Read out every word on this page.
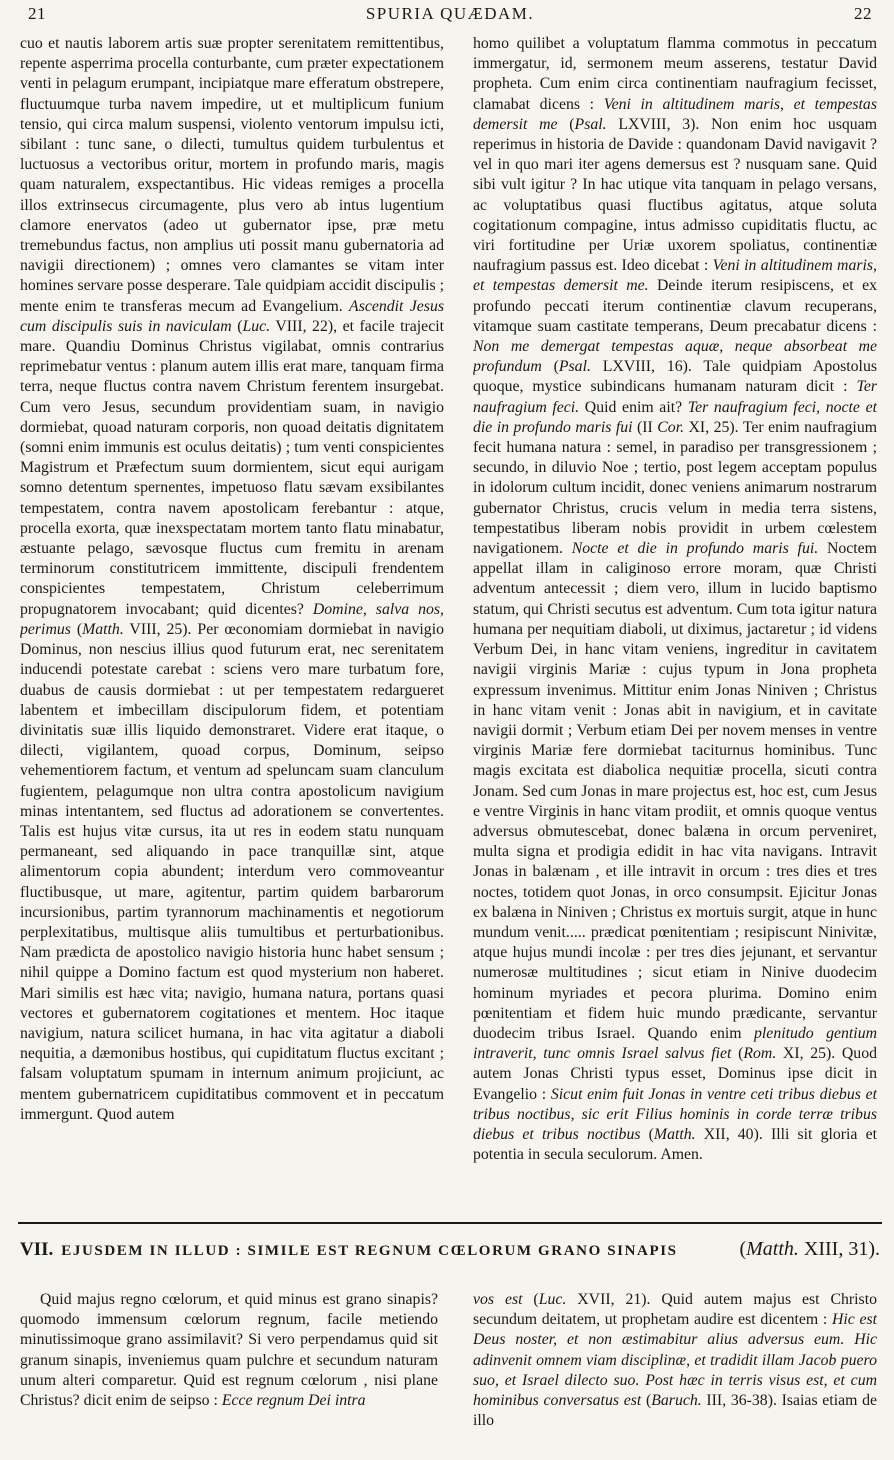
21	SPURIA QUÆDAM.	22

cuo et nautis laborem artis suæ propter serenitatem remittentibus, repente asperrima procella conturbante, cum præter expectationem venti in pelagum erumpant, incipiatque mare efferatum obstrepere, fluctuumque turba navem impedire, ut et multiplicum funium tensio, qui circa malum suspensi, violento ventorum impulsu icti, sibilant : tunc sane, o dilecti, tumultus quidem turbulentus et luctuosus a vectoribus oritur, mortem in profundo maris, magis quam naturalem, exspectantibus. Hic videas remiges a procella illos extrinsecus circumagente, plus vero ab intus lugentium clamore enervatos (adeo ut gubernator ipse, præ metu tremebundus factus, non amplius uti possit manu gubernatoria ad navigii directionem) ; omnes vero clamantes se vitam inter homines servare posse desperare. Tale quidpiam accidit discipulis ; mente enim te transferas mecum ad Evangelium. Ascendit Jesus cum discipulis suis in naviculam (Luc. VIII, 22), et facile trajecit mare. Quandiu Dominus Christus vigilabat, omnis contrarius reprimebatur ventus : planum autem illis erat mare, tanquam firma terra, neque fluctus contra navem Christum ferentem insurgebat. Cum vero Jesus, secundum providentiam suam, in navigio dormiebat, quoad naturam corporis, non quoad deitatis dignitatem (somni enim immunis est oculus deitatis) ; tum venti conspicientes Magistrum et Præfectum suum dormientem, sicut equi aurigam somno detentum spernentes, impetuoso flatu sævam exsibilantes tempestatem, contra navem apostolicam ferebantur : atque, procella exorta, quæ inexspectatam mortem tanto flatu minabatur, æstuante pelago, sævosque fluctus cum fremitu in arenam terminorum constitutricem immittente, discipuli frendentem conspicientes tempestatem, Christum celeberrimum propugnatorem invocabant; quid dicentes? Domine, salva nos, perimus (Matth. VIII, 25). Per œconomiam dormiebat in navigio Dominus, non nescius illius quod futurum erat, nec serenitatem inducendi potestate carebat : sciens vero mare turbatum fore, duabus de causis dormiebat : ut per tempestatem redargueret labentem et imbecillam discipulorum fidem, et potentiam divinitatis suæ illis liquido demonstraret. Videre erat itaque, o dilecti, vigilantem, quoad corpus, Dominum, seipso vehementiorem factum, et ventum ad speluncam suam clanculum fugientem, pelagumque non ultra contra apostolicum navigium minas intentantem, sed fluctus ad adorationem se convertentes. Talis est hujus vitæ cursus, ita ut res in eodem statu nunquam permaneant, sed aliquando in pace tranquillæ sint, atque alimentorum copia abundent; interdum vero commoveantur fluctibusque, ut mare, agitentur, partim quidem barbarorum incursionibus, partim tyrannorum machinamentis et negotiorum perplexitatibus, multisque aliis tumultibus et perturbationibus. Nam prædicta de apostolico navigio historia hunc habet sensum ; nihil quippe a Domino factum est quod mysterium non haberet. Mari similis est hæc vita; navigio, humana natura, portans quasi vectores et gubernatorem cogitationes et mentem. Hoc itaque navigium, natura scilicet humana, in hac vita agitatur a diaboli nequitia, a dæmonibus hostibus, qui cupiditatum fluctus excitant ; falsam voluptatum spumam in internum animum projiciunt, ac mentem gubernatricem cupiditatibus commovent et in peccatum immergunt. Quod autem

homo quilibet a voluptatum flamma commotus in peccatum immergatur, id, sermonem meum asserens, testatur David propheta. Cum enim circa continentiam naufragium fecisset, clamabat dicens : Veni in altitudinem maris, et tempestas demersit me (Psal. LXVIII, 3). Non enim hoc usquam reperimus in historia de Davide : quandonam David navigavit ? vel in quo mari iter agens demersus est ? nusquam sane. Quid sibi vult igitur ? In hac utique vita tanquam in pelago versans, ac voluptatibus quasi fluctibus agitatus, atque soluta cogitationum compagine, intus admisso cupiditatis fluctu, ac viri fortitudine per Uriæ uxorem spoliatus, continentiæ naufragium passus est. Ideo dicebat : Veni in altitudinem maris, et tempestas demersit me. Deinde iterum resipiscens, et ex profundo peccati iterum continentiæ clavum recuperans, vitamque suam castitate temperans, Deum precabatur dicens : Non me demergat tempestas aquæ, neque absorbeat me profundum (Psal. LXVIII, 16). Tale quidpiam Apostolus quoque, mystice subindicans humanam naturam dicit : Ter naufragium feci. Quid enim ait? Ter naufragium feci, nocte et die in profundo maris fui (II Cor. XI, 25). Ter enim naufragium fecit humana natura : semel, in paradiso per transgressionem ; secundo, in diluvio Noe ; tertio, post legem acceptam populus in idolorum cultum incidit, donec veniens animarum nostrarum gubernator Christus, crucis velum in media terra sistens, tempestatibus liberam nobis providit in urbem cœlestem navigationem. Nocte et die in profundo maris fui. Noctem appellat illam in caliginoso errore moram, quæ Christi adventum antecessit ; diem vero, illum in lucido baptismo statum, qui Christi secutus est adventum. Cum tota igitur natura humana per nequitiam diaboli, ut diximus, jactaretur ; id videns Verbum Dei, in hanc vitam veniens, ingreditur in cavitatem navigii virginis Mariæ : cujus typum in Jona propheta expressum invenimus. Mittitur enim Jonas Niniven ; Christus in hanc vitam venit : Jonas abit in navigium, et in cavitate navigii dormit ; Verbum etiam Dei per novem menses in ventre virginis Mariæ fere dormiebat taciturnus hominibus. Tunc magis excitata est diabolica nequitiæ procella, sicuti contra Jonam. Sed cum Jonas in mare projectus est, hoc est, cum Jesus e ventre Virginis in hanc vitam prodiit, et omnis quoque ventus adversus obmutescebat, donec balæna in orcum perveniret, multa signa et prodigia edidit in hac vita navigans. Intravit Jonas in balænam , et ille intravit in orcum : tres dies et tres noctes, totidem quot Jonas, in orco consumpsit. Ejicitur Jonas ex balæna in Niniven ; Christus ex mortuis surgit, atque in hunc mundum venit..... prædicat pœnitentiam ; resipiscunt Ninivitæ, atque hujus mundi incolæ : per tres dies jejunant, et servantur numerosæ multitudines ; sicut etiam in Ninive duodecim hominum myriades et pecora plurima. Domino enim pœnitentiam et fidem huic mundo prædicante, servantur duodecim tribus Israel. Quando enim plenitudo gentium intraverit, tunc omnis Israel salvus fiet (Rom. XI, 25). Quod autem Jonas Christi typus esset, Dominus ipse dicit in Evangelio : Sicut enim fuit Jonas in ventre ceti tribus diebus et tribus noctibus, sic erit Filius hominis in corde terræ tribus diebus et tribus noctibus (Matth. XII, 40). Illi sit gloria et potentia in secula seculorum. Amen.

VII. EJUSDEM IN ILLUD : SIMILE EST REGNUM CŒLORUM GRANO SINAPIS	(Matth. XIII, 31).

Quid majus regno cœlorum, et quid minus est grano sinapis? quomodo immensum cœlorum regnum, facile metiendo minutissimoque grano assimilavit? Si vero perpendamus quid sit granum sinapis, inveniemus quam pulchre et secundum naturam unum alteri comparetur. Quid est regnum cœlorum , nisi plane Christus? dicit enim de seipso : Ecce regnum Dei intra

vos est (Luc. XVII, 21). Quid autem majus est Christo secundum deitatem, ut prophetam audire est dicentem : Hic est Deus noster, et non æstimabitur alius adversus eum. Hic adinvenit omnem viam disciplinæ, et tradidit illam Jacob puero suo, et Israel dilecto suo. Post hæc in terris visus est, et cum hominibus conversatus est (Baruch. III, 36-38). Isaias etiam de illo
